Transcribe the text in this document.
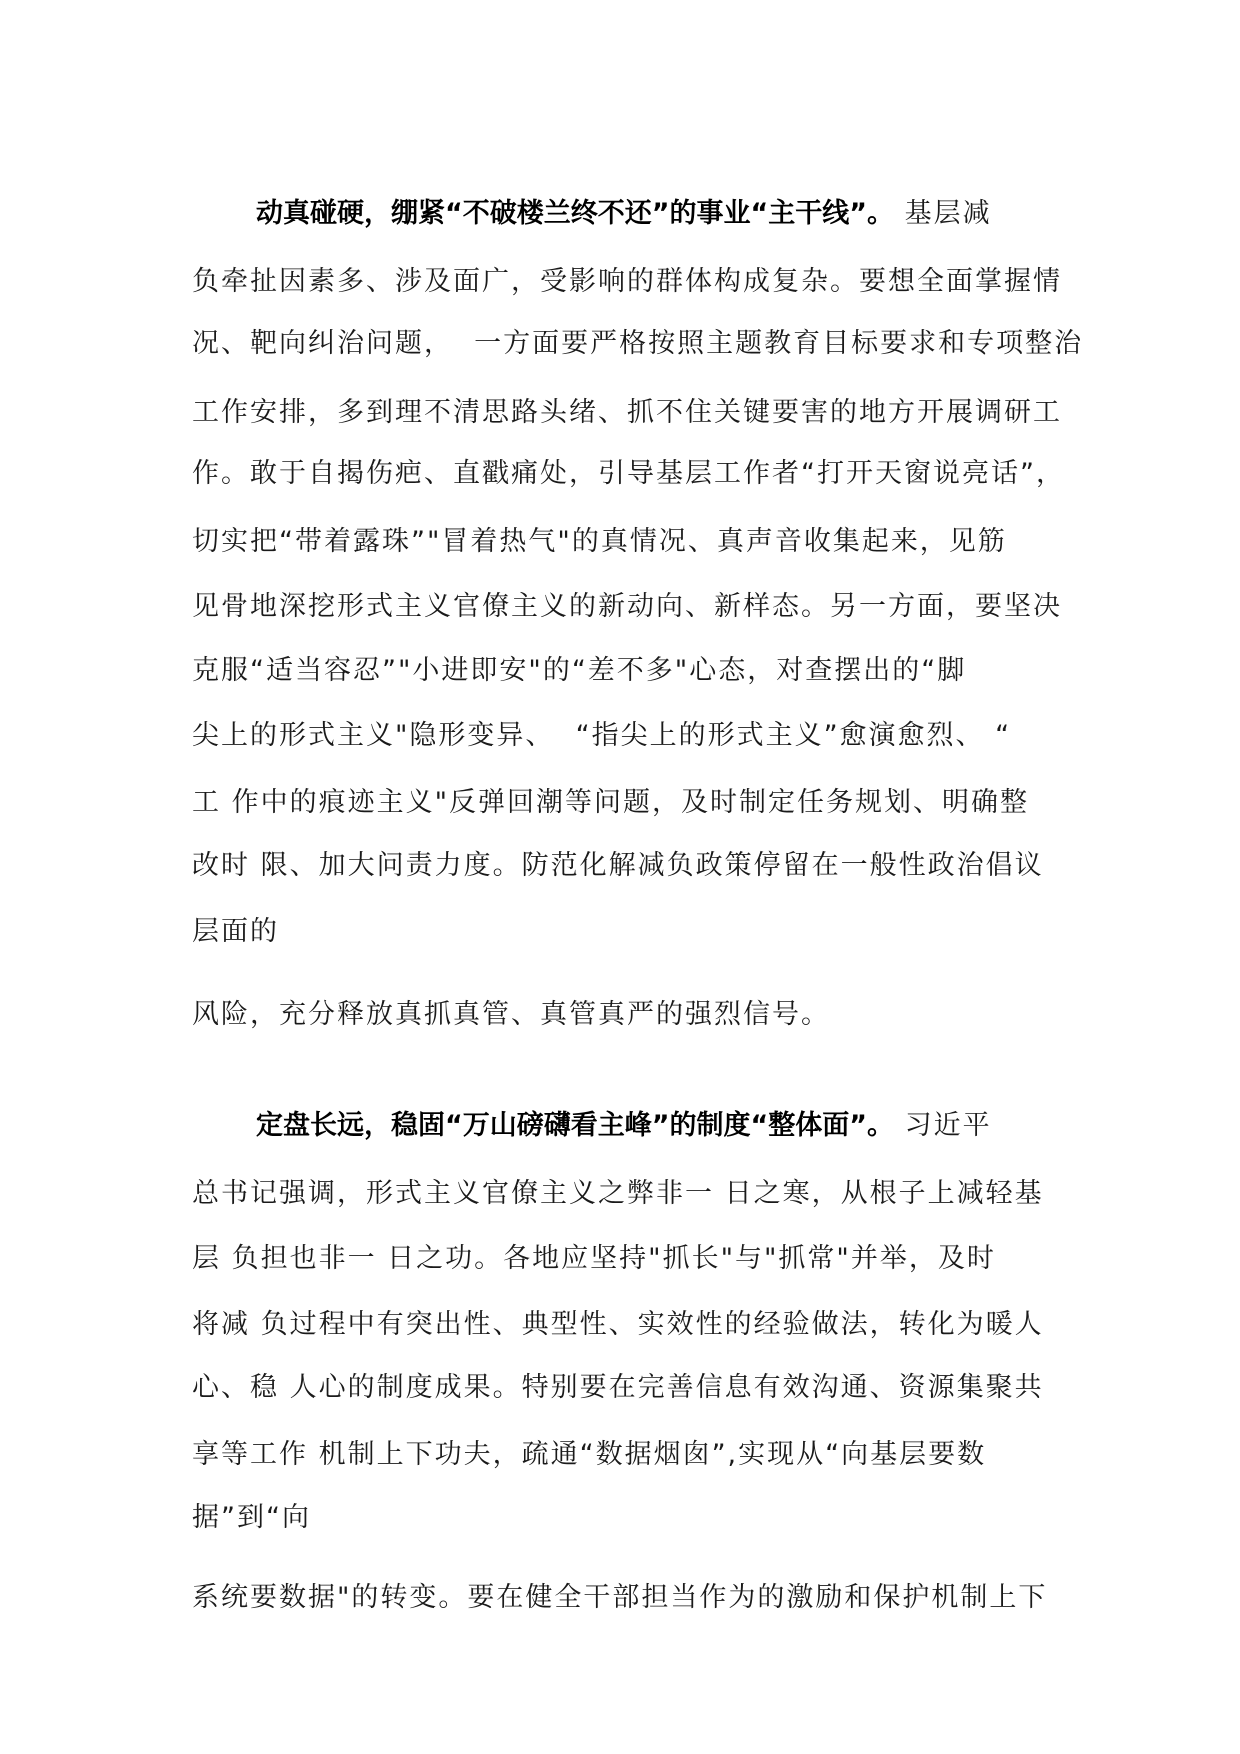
动真碰硬，绷紧“不破楼兰终不还”的事业“主干线”。 基层减
负牵扯因素多、涉及面广，受影响的群体构成复杂。要想全面掌握情
况、靶向纠治问题，  一方面要严格按照主题教育目标要求和专项整治
工作安排，多到理不清思路头绪、抓不住关键要害的地方开展调研工
作。敢于自揭伤疤、直戳痛处，引导基层工作者“打开天窗说亮话”，
切实把“带着露珠”"冒着热气"的真情况、真声音收集起来，见筋
见骨地深挖形式主义官僚主义的新动向、新样态。另一方面，要坚决
克服“适当容忍”"小进即安"的“差不多"心态，对查摆出的“脚
尖上的形式主义"隐形变异、  “指尖上的形式主义”愈演愈烈、 “
工 作中的痕迹主义"反弹回潮等问题，及时制定任务规划、明确整
改时 限、加大问责力度。防范化解减负政策停留在一般性政治倡议
层面的
风险，充分释放真抓真管、真管真严的强烈信号。
定盘长远，稳固“万山磅礴看主峰”的制度“整体面”。 习近平
总书记强调，形式主义官僚主义之弊非一 日之寒，从根子上减轻基
层 负担也非一 日之功。各地应坚持"抓长"与"抓常"并举，及时
将减 负过程中有突出性、典型性、实效性的经验做法，转化为暖人
心、稳 人心的制度成果。特别要在完善信息有效沟通、资源集聚共
享等工作 机制上下功夫，疏通“数据烟囱”,实现从“向基层要数
据”到“向
系统要数据"的转变。要在健全干部担当作为的激励和保护机制上下
